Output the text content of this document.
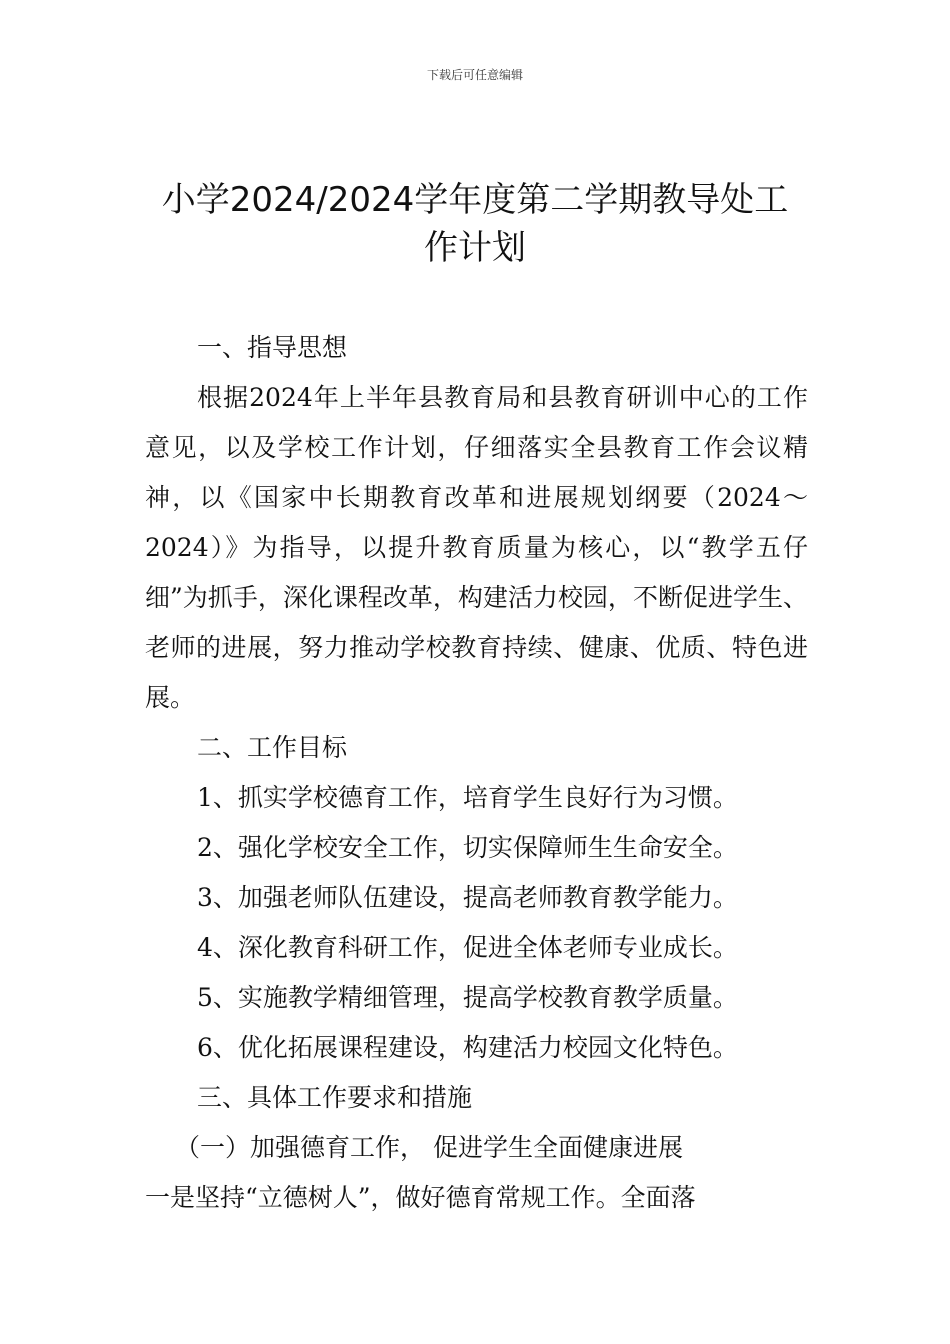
下载后可任意编辑
小学2024/2024学年度第二学期教导处工作计划

一、指导思想

根据2024年上半年县教育局和县教育研训中心的工作意见，以及学校工作计划，仔细落实全县教育工作会议精神，以《国家中长期教育改革和进展规划纲要（2024～2024）》为指导，以提升教育质量为核心，以“教学五仔细”为抓手，深化课程改革，构建活力校园，不断促进学生、老师的进展，努力推动学校教育持续、健康、优质、特色进展。

二、工作目标

1、抓实学校德育工作，培育学生良好行为习惯。

2、强化学校安全工作，切实保障师生生命安全。

3、加强老师队伍建设，提高老师教育教学能力。

4、深化教育科研工作，促进全体老师专业成长。

5、实施教学精细管理，提高学校教育教学质量。

6、优化拓展课程建设，构建活力校园文化特色。

三、具体工作要求和措施

（一）加强德育工作， 促进学生全面健康进展

一是坚持“立德树人”，做好德育常规工作。全面落
